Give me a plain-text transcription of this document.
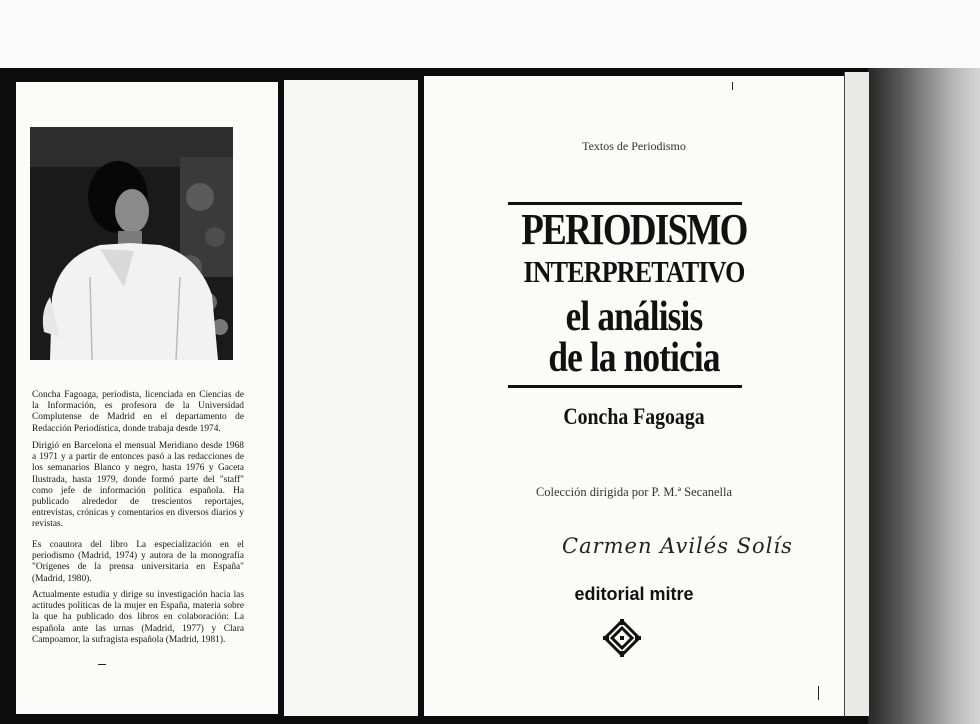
Concha Fagoaga, periodista, licenciada en Ciencias de la Información, es profesora de la Universidad Complutense de Madrid en el departamento de Redacción Periodística, donde trabaja desde 1974.
Dirigió en Barcelona el mensual Meridiano desde 1968 a 1971 y a partir de entonces pasó a las redacciones de los semanarios Blanco y negro, hasta 1976 y Gaceta Ilustrada, hasta 1979, donde formó parte del "staff" como jefe de información política española. Ha publicado alrededor de trescientos reportajes, entrevistas, crónicas y comentarios en diversos diarios y revistas.
Es coautora del libro La especialización en el periodismo (Madrid, 1974) y autora de la monografía "Orígenes de la prensa universitaria en España" (Madrid, 1980).
Actualmente estudia y dirige su investigación hacia las actitudes políticas de la mujer en España, materia sobre la que ha publicado dos libros en colaboración: La española ante las urnas (Madrid, 1977) y Clara Campoamor, la sufragista española (Madrid, 1981).
Textos de Periodismo
PERIODISMO
INTERPRETATIVO
el análisis
de la noticia
Concha Fagoaga
Colección dirigida por P. M.ª Secanella
Carmen Avilés Solís
editorial mitre
